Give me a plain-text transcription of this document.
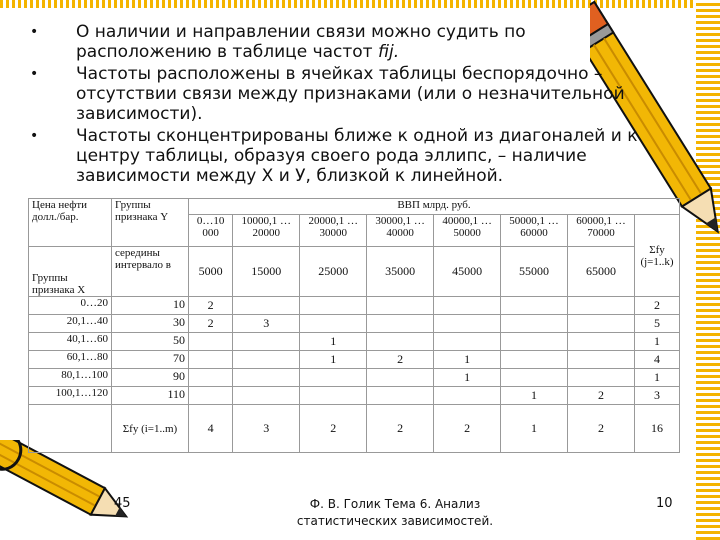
• О наличии и направлении связи можно судить по расположению в таблице частот fij.
• Частоты расположены в ячейках таблицы беспорядочно – отсутствии связи между признаками (или о незначительной зависимости).
• Частоты сконцентрированы ближе к одной из диагоналей и к центру таблицы, образуя своего рода эллипс, – наличие зависимости между X и У, близкой к линейной.
Цена нефти долл./бар.	Группы признака Y	ВВП млрд. руб.							
		0…10 000	10000,1 …20000	20000,1 …30000	30000,1 …40000	40000,1 …50000	50000,1 …60000	60000,1 …70000	Σfy (j=1..k)
Группы признака X	середины интервало в	5000	15000	25000	35000	45000	55000	65000	
0…20	10	2							2
20,1…40	30	2	3						5
40,1…60	50			1					1
60,1…80	70			1	2	1			4
80,1…100	90					1			1
100,1…120	110						1	2	3
	Σfy (i=1..m)	4	3	2	2	2	1	2	16
45	Ф. В. Голик Тема 6. Анализ
статистических зависимостей.
10
